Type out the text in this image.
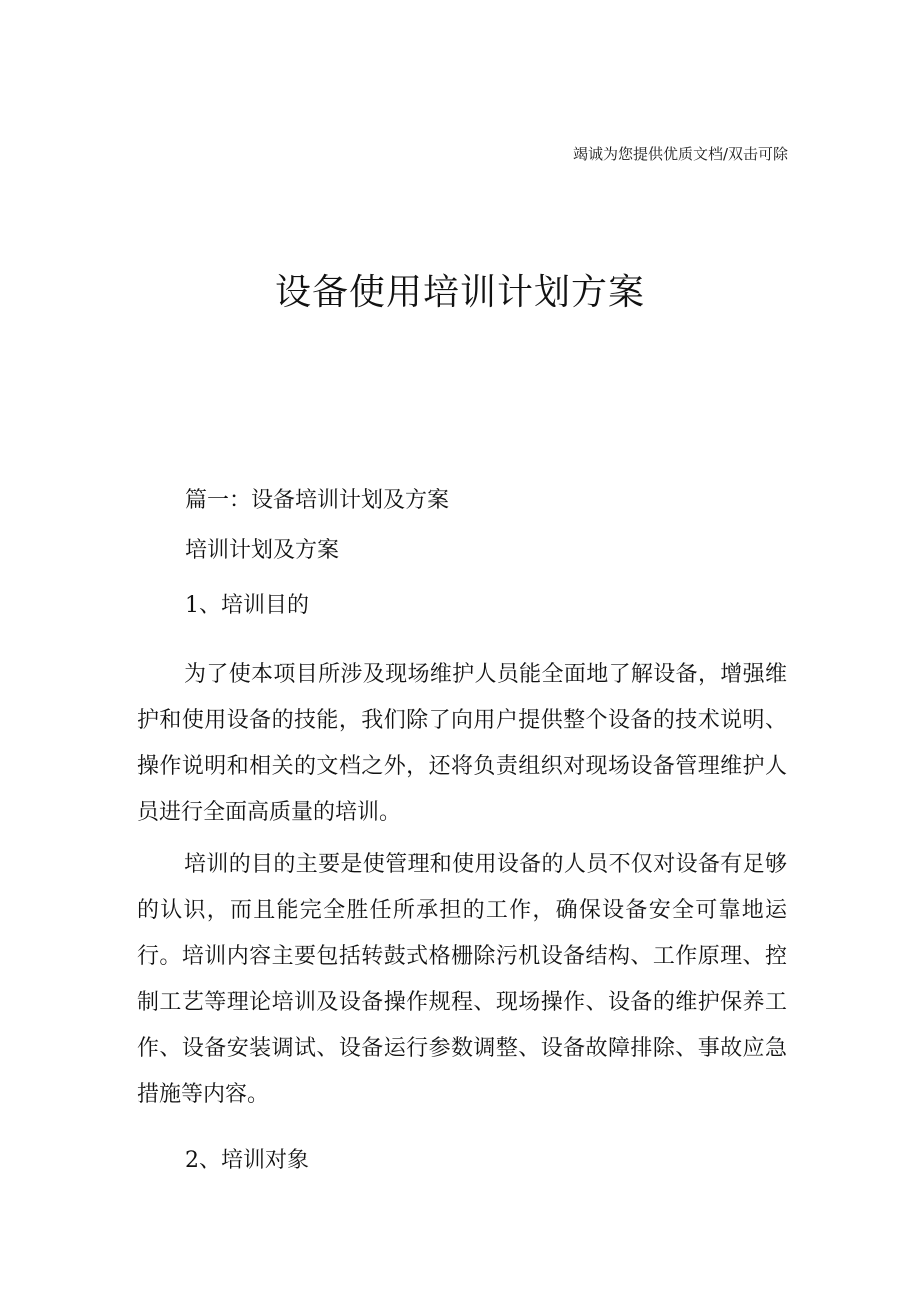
竭诚为您提供优质文档/双击可除
设备使用培训计划方案
篇一：设备培训计划及方案
培训计划及方案
1、培训目的
为了使本项目所涉及现场维护人员能全面地了解设备，增强维护和使用设备的技能，我们除了向用户提供整个设备的技术说明、操作说明和相关的文档之外，还将负责组织对现场设备管理维护人员进行全面高质量的培训。
培训的目的主要是使管理和使用设备的人员不仅对设备有足够的认识，而且能完全胜任所承担的工作，确保设备安全可靠地运行。培训内容主要包括转鼓式格栅除污机设备结构、工作原理、控制工艺等理论培训及设备操作规程、现场操作、设备的维护保养工作、设备安装调试、设备运行参数调整、设备故障排除、事故应急措施等内容。
2、培训对象
